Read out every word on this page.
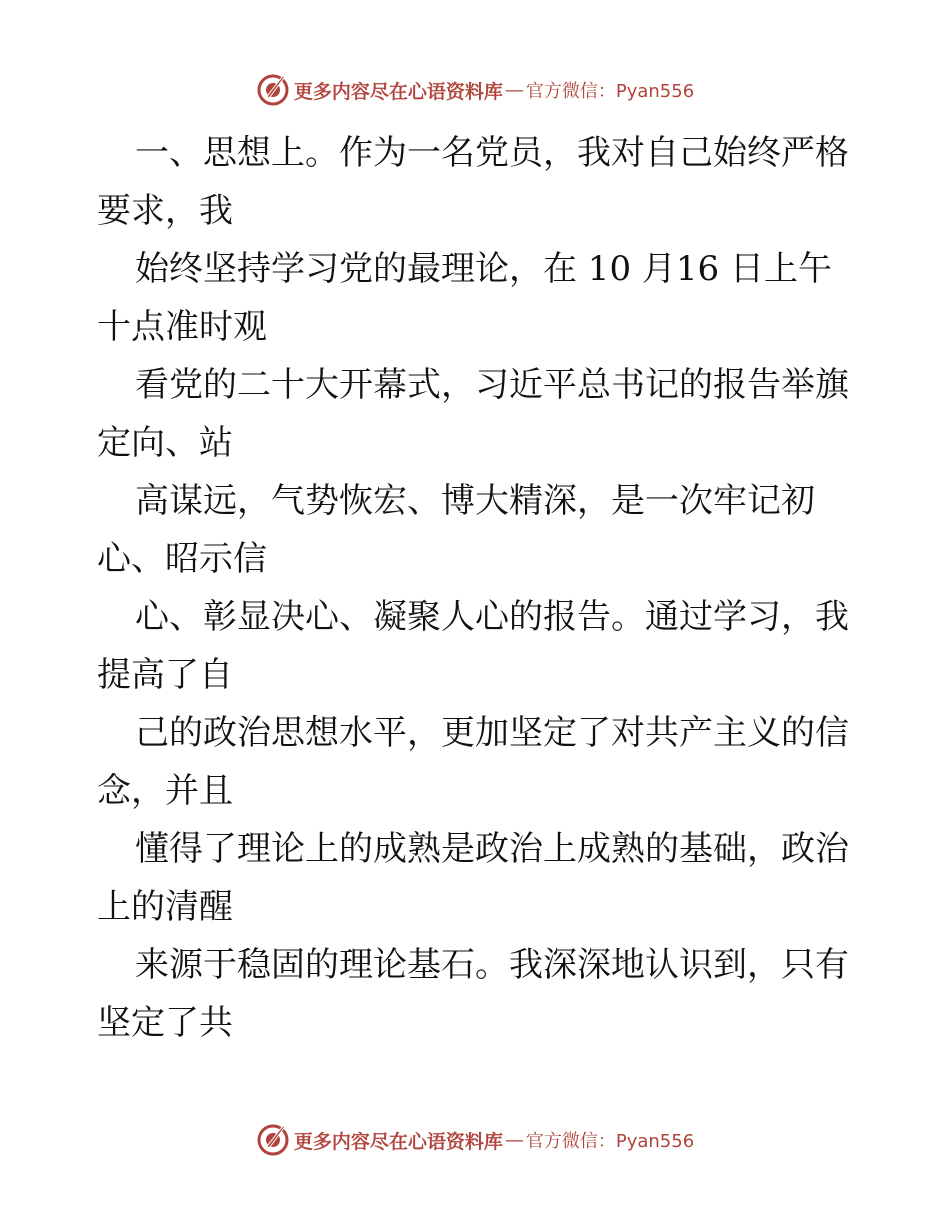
更多内容尽在心语资料库 — 官方微信：Pyan556
一、思想上。作为一名党员，我对自己始终严格
要求，我
始终坚持学习党的最理论，在 10 月16 日上午
十点准时观
看党的二十大开幕式，习近平总书记的报告举旗
定向、站
高谋远，气势恢宏、博大精深，是一次牢记初
心、昭示信
心、彰显决心、凝聚人心的报告。通过学习，我
提高了自
己的政治思想水平，更加坚定了对共产主义的信
念，并且
懂得了理论上的成熟是政治上成熟的基础，政治
上的清醒
来源于稳固的理论基石。我深深地认识到，只有
坚定了共
更多内容尽在心语资料库 — 官方微信：Pyan556
